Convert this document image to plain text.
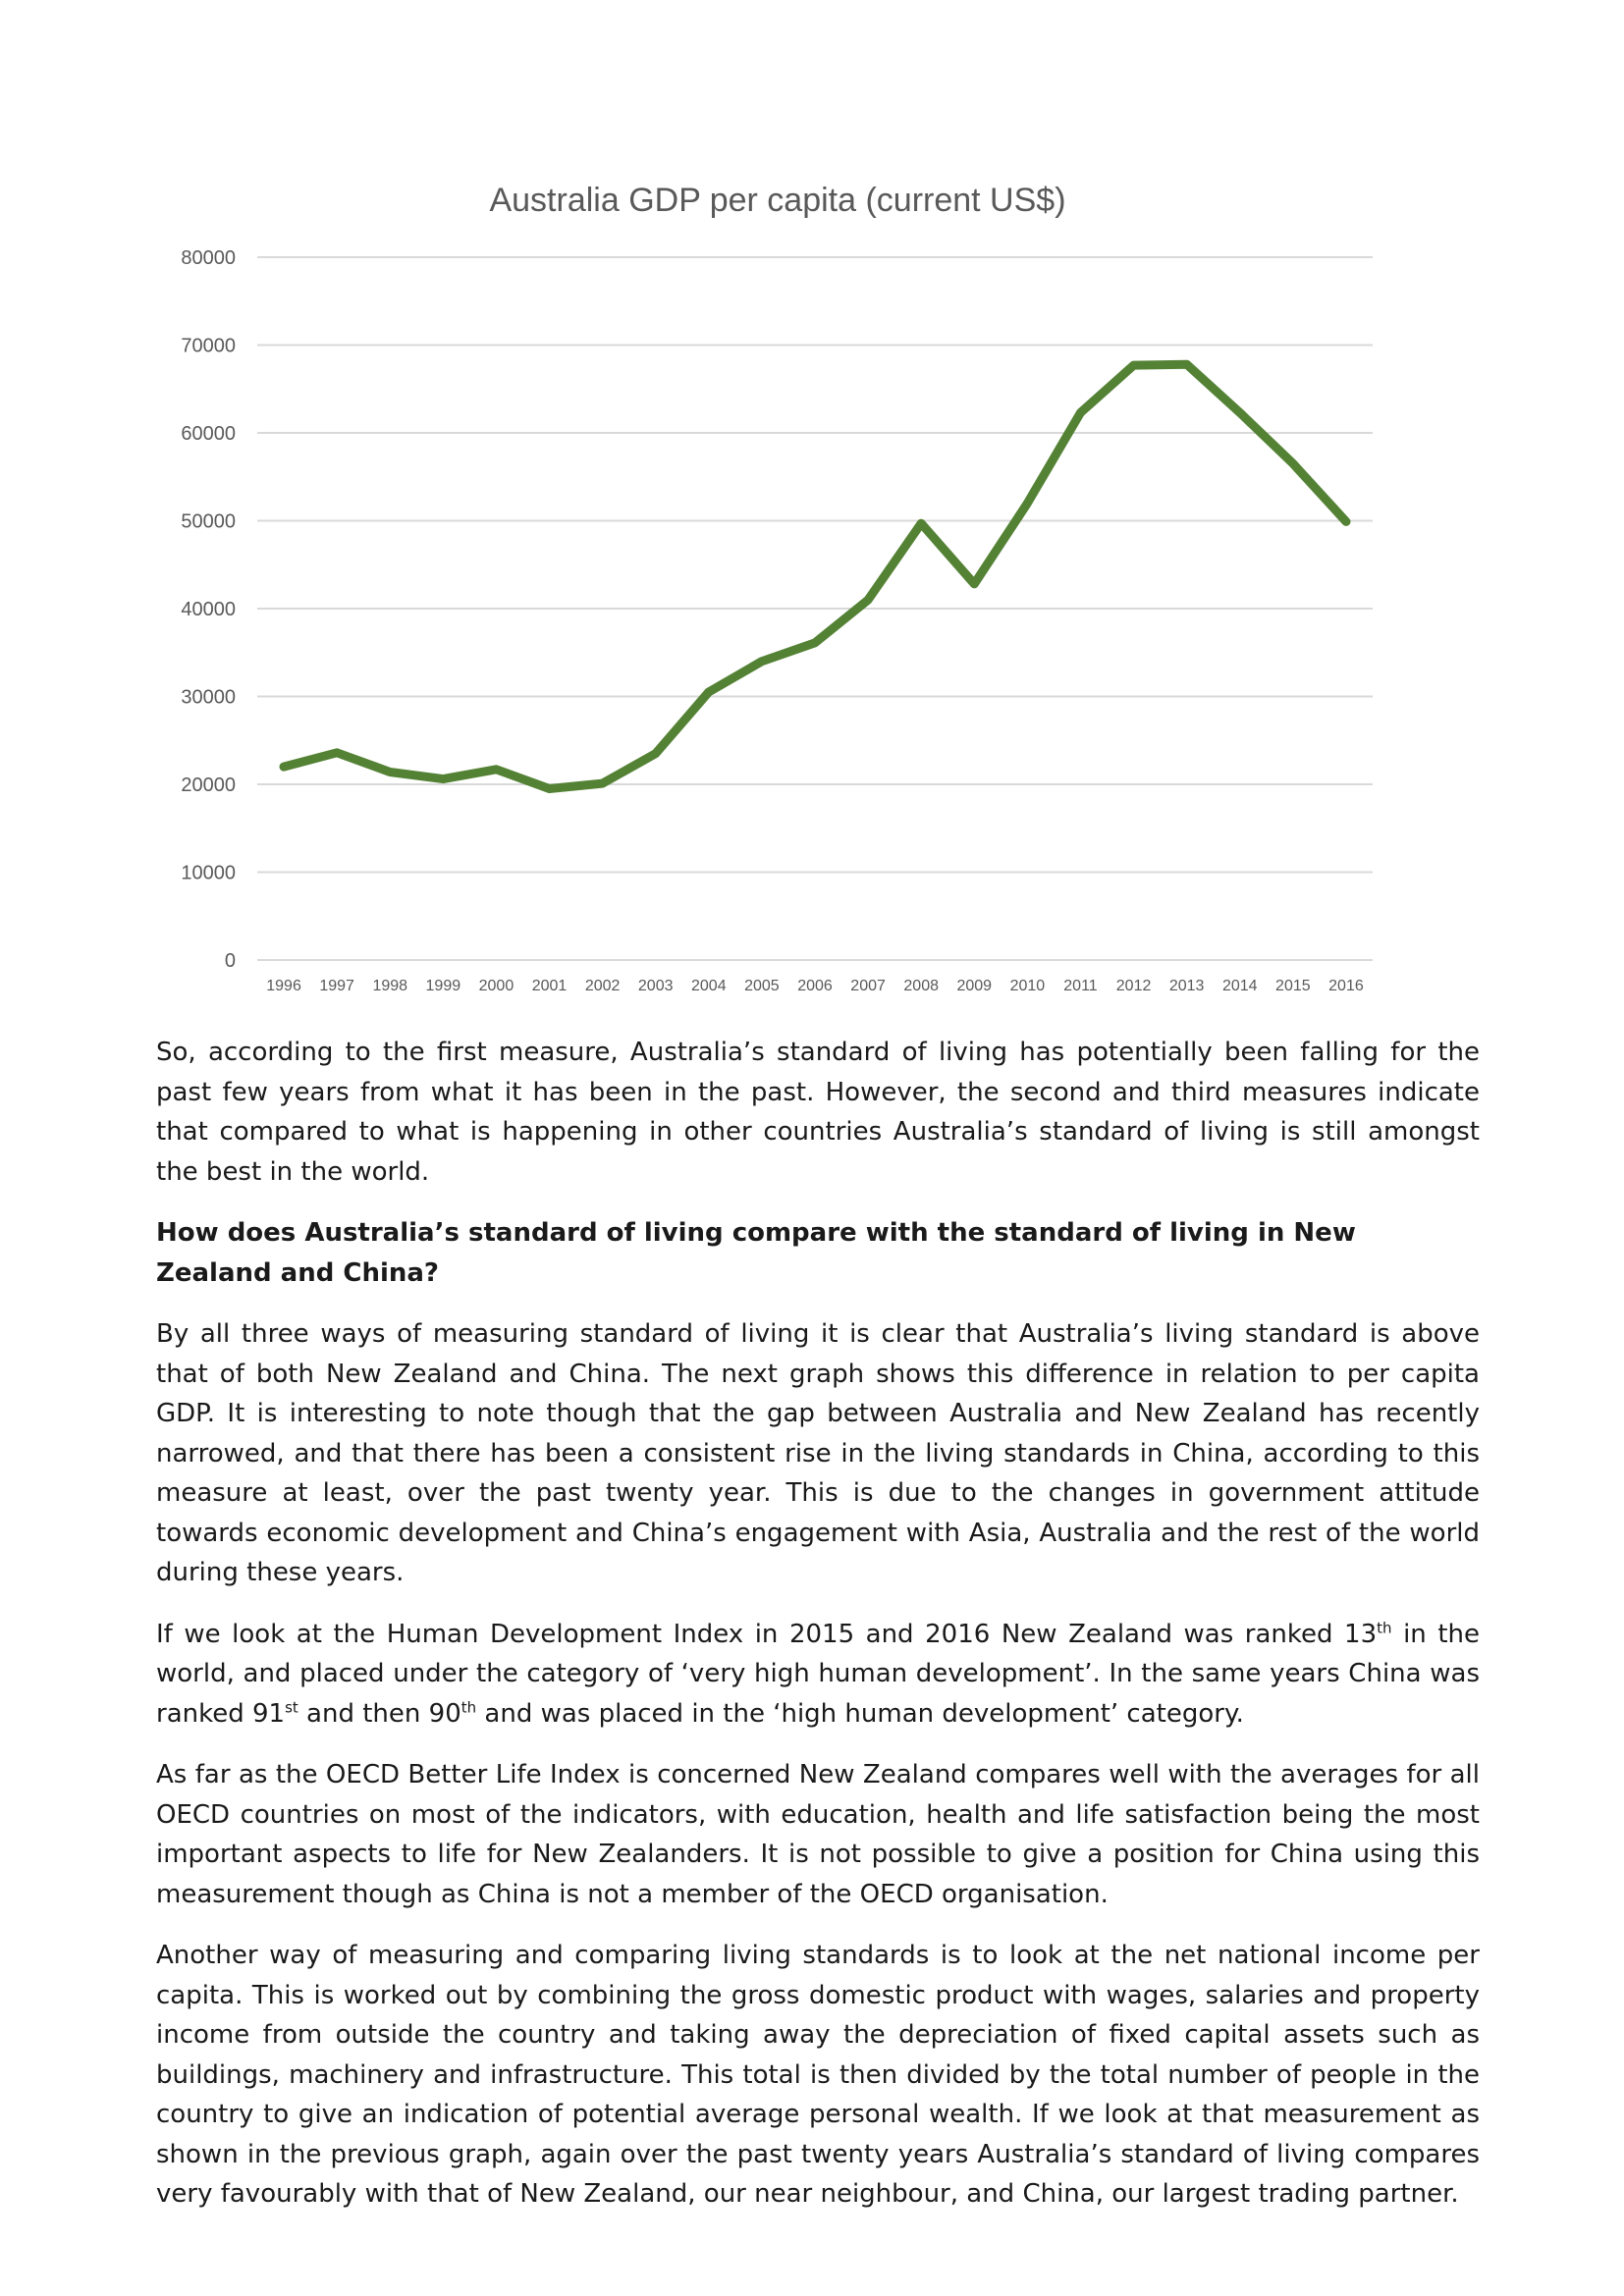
Australia GDP per capita (current US$)
0
10000
20000
30000
40000
50000
60000
70000
80000
1996 1997 1998 1999 2000 2001 2002 2003 2004 2005 2006 2007 2008 2009 2010 2011 2012 2013 2014 2015 2016

So, according to the first measure, Australia’s standard of living has potentially been falling for the past few years from what it has been in the past. However, the second and third measures indicate that compared to what is happening in other countries Australia’s standard of living is still amongst the best in the world.

How does Australia’s standard of living compare with the standard of living in New Zealand and China?

By all three ways of measuring standard of living it is clear that Australia’s living standard is above that of both New Zealand and China. The next graph shows this difference in relation to per capita GDP. It is interesting to note though that the gap between Australia and New Zealand has recently narrowed, and that there has been a consistent rise in the living standards in China, according to this measure at least, over the past twenty year. This is due to the changes in government attitude towards economic development and China’s engagement with Asia, Australia and the rest of the world during these years.

If we look at the Human Development Index in 2015 and 2016 New Zealand was ranked 13th in the world, and placed under the category of ‘very high human development’. In the same years China was ranked 91st and then 90th and was placed in the ‘high human development’ category.

As far as the OECD Better Life Index is concerned New Zealand compares well with the averages for all OECD countries on most of the indicators, with education, health and life satisfaction being the most important aspects to life for New Zealanders. It is not possible to give a position for China using this measurement though as China is not a member of the OECD organisation.

Another way of measuring and comparing living standards is to look at the net national income per capita. This is worked out by combining the gross domestic product with wages, salaries and property income from outside the country and taking away the depreciation of fixed capital assets such as buildings, machinery and infrastructure. This total is then divided by the total number of people in the country to give an indication of potential average personal wealth. If we look at that measurement as shown in the previous graph, again over the past twenty years Australia’s standard of living compares very favourably with that of New Zealand, our near neighbour, and China, our largest trading partner.
